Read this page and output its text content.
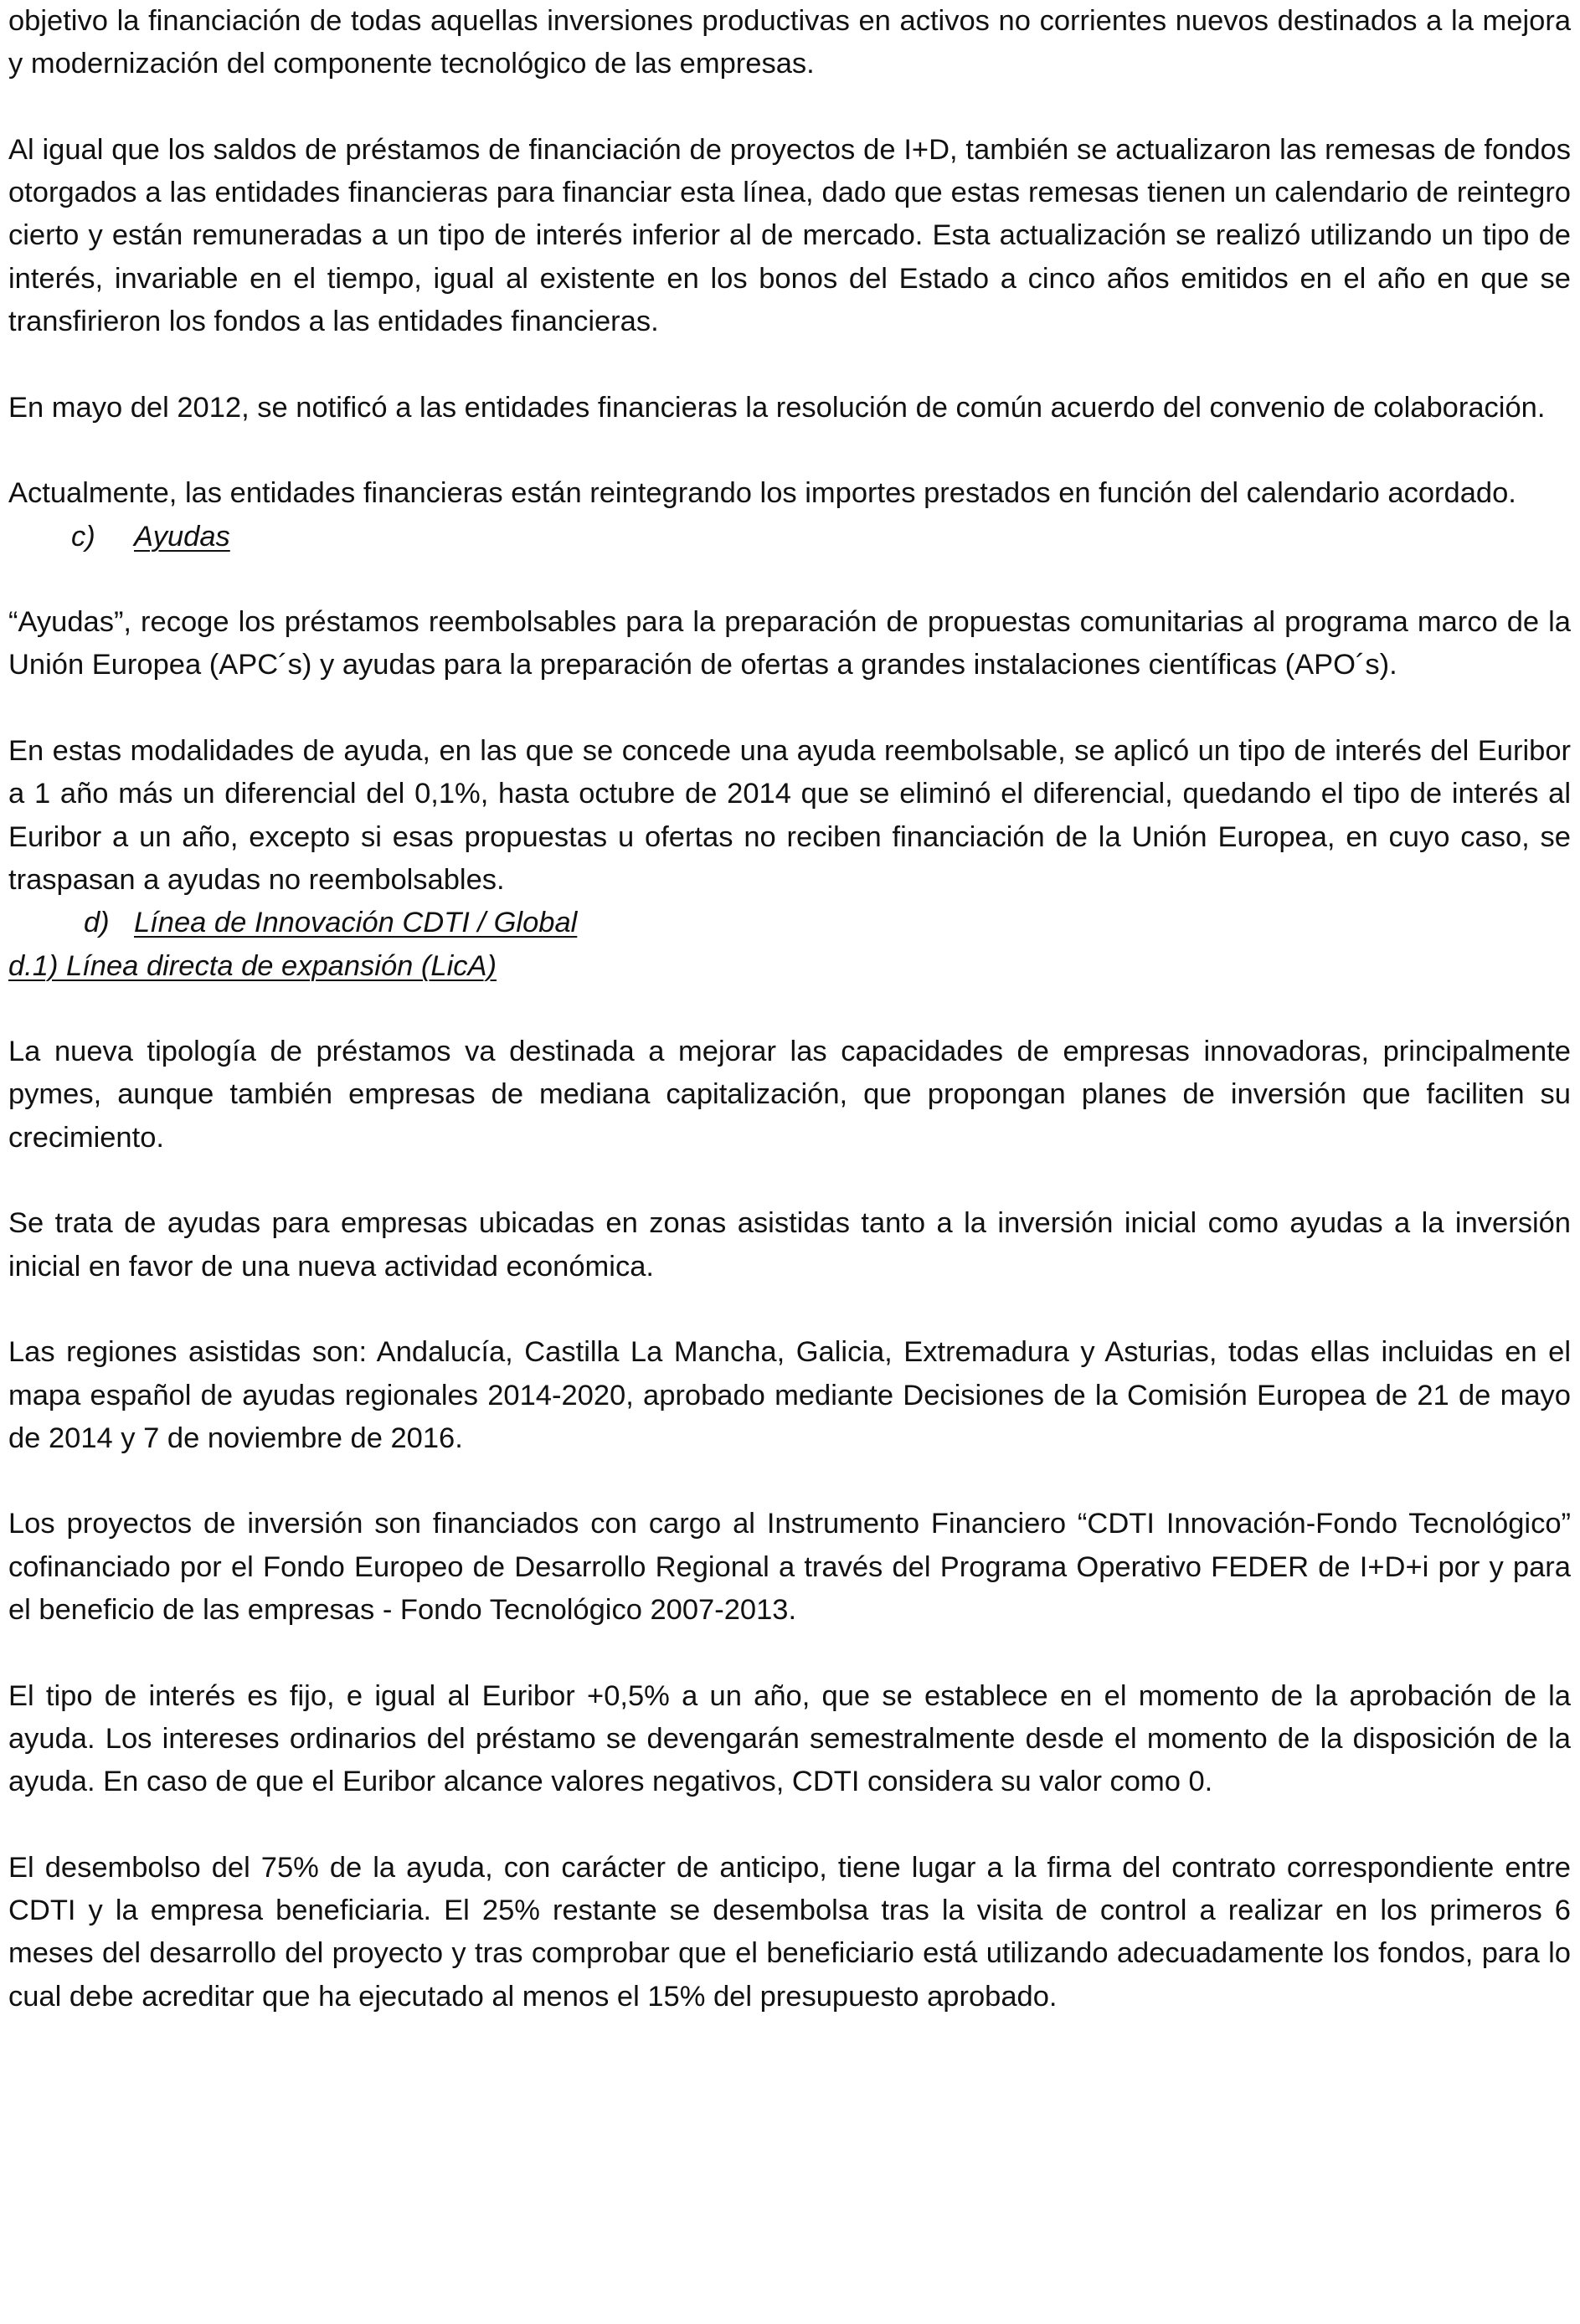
objetivo la financiación de todas aquellas inversiones productivas en activos no corrientes nuevos destinados a la mejora y modernización del componente tecnológico de las empresas.

Al igual que los saldos de préstamos de financiación de proyectos de I+D, también se actualizaron las remesas de fondos otorgados a las entidades financieras para financiar esta línea, dado que estas remesas tienen un calendario de reintegro cierto y están remuneradas a un tipo de interés inferior al de mercado. Esta actualización se realizó utilizando un tipo de interés, invariable en el tiempo, igual al existente en los bonos del Estado a cinco años emitidos en el año en que se transfirieron los fondos a las entidades financieras.

En mayo del 2012, se notificó a las entidades financieras la resolución de común acuerdo del convenio de colaboración.

Actualmente, las entidades financieras están reintegrando los importes prestados en función del calendario acordado.

c) Ayudas

“Ayudas”, recoge los préstamos reembolsables para la preparación de propuestas comunitarias al programa marco de la Unión Europea (APC´s) y ayudas para la preparación de ofertas a grandes instalaciones científicas (APO´s).

En estas modalidades de ayuda, en las que se concede una ayuda reembolsable, se aplicó un tipo de interés del Euribor a 1 año más un diferencial del 0,1%, hasta octubre de 2014 que se eliminó el diferencial, quedando el tipo de interés al Euribor a un año, excepto si esas propuestas u ofertas no reciben financiación de la Unión Europea, en cuyo caso, se traspasan a ayudas no reembolsables.

d) Línea de Innovación CDTI / Global

d.1) Línea directa de expansión (LicA)

La nueva tipología de préstamos va destinada a mejorar las capacidades de empresas innovadoras, principalmente pymes, aunque también empresas de mediana capitalización, que propongan planes de inversión que faciliten su crecimiento.

Se trata de ayudas para empresas ubicadas en zonas asistidas tanto a la inversión inicial como ayudas a la inversión inicial en favor de una nueva actividad económica.

Las regiones asistidas son: Andalucía, Castilla La Mancha, Galicia, Extremadura y Asturias, todas ellas incluidas en el mapa español de ayudas regionales 2014-2020, aprobado mediante Decisiones de la Comisión Europea de 21 de mayo de 2014 y 7 de noviembre de 2016.

Los proyectos de inversión son financiados con cargo al Instrumento Financiero “CDTI Innovación-Fondo Tecnológico” cofinanciado por el Fondo Europeo de Desarrollo Regional a través del Programa Operativo FEDER de I+D+i por y para el beneficio de las empresas - Fondo Tecnológico 2007-2013.

El tipo de interés es fijo, e igual al Euribor +0,5% a un año, que se establece en el momento de la aprobación de la ayuda. Los intereses ordinarios del préstamo se devengarán semestralmente desde el momento de la disposición de la ayuda. En caso de que el Euribor alcance valores negativos, CDTI considera su valor como 0.

El desembolso del 75% de la ayuda, con carácter de anticipo, tiene lugar a la firma del contrato correspondiente entre CDTI y la empresa beneficiaria. El 25% restante se desembolsa tras la visita de control a realizar en los primeros 6 meses del desarrollo del proyecto y tras comprobar que el beneficiario está utilizando adecuadamente los fondos, para lo cual debe acreditar que ha ejecutado al menos el 15% del presupuesto aprobado.
